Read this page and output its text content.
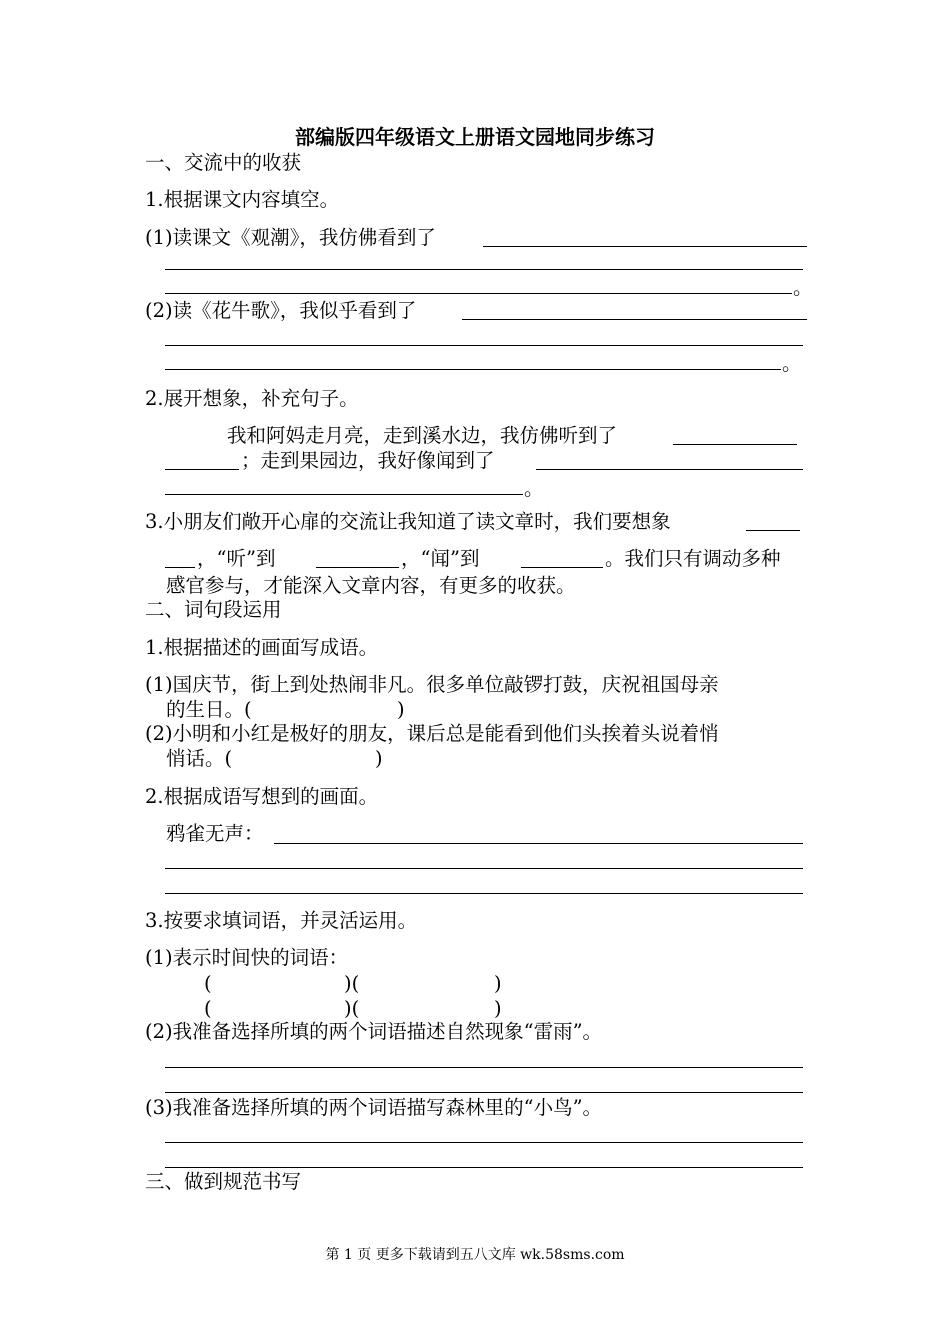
部编版四年级语文上册语文园地同步练习
一、交流中的收获
1.根据课文内容填空。
(1)读课文《观潮》，我仿佛看到了
。
(2)读《花牛歌》，我似乎看到了
。
2.展开想象，补充句子。
我和阿妈走月亮，走到溪水边，我仿佛听到了
；走到果园边，我好像闻到了
。
3.小朋友们敞开心扉的交流让我知道了读文章时，我们要想象
，“听”到	，“闻”到	。我们只有调动多种
感官参与，才能深入文章内容，有更多的收获。
二、词句段运用
1.根据描述的画面写成语。
(1)国庆节，街上到处热闹非凡。很多单位敲锣打鼓，庆祝祖国母亲
的生日。(	)
(2)小明和小红是极好的朋友，课后总是能看到他们头挨着头说着悄
悄话。(	)
2.根据成语写想到的画面。
鸦雀无声：
3.按要求填词语，并灵活运用。
(1)表示时间快的词语：
(	)(	)
(	)(	)
(2)我准备选择所填的两个词语描述自然现象“雷雨”。
(3)我准备选择所填的两个词语描写森林里的“小鸟”。
三、做到规范书写
第 1 页 更多下载请到五八文库 wk.58sms.com
